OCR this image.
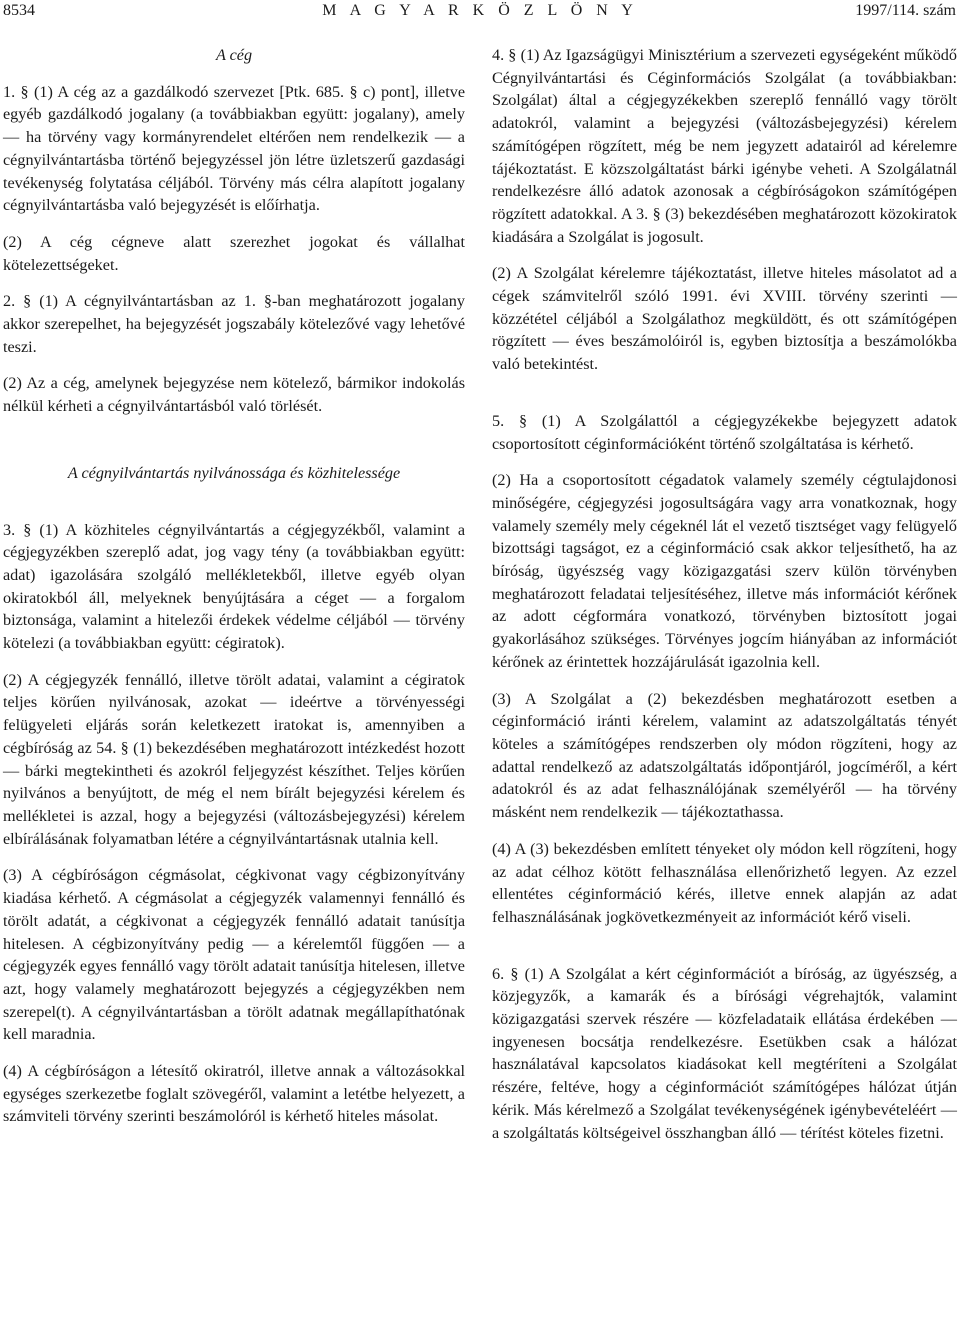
8534	M A G Y A R K Ö Z L Ö N Y	1997/114. szám

A cég

1. § (1) A cég az a gazdálkodó szervezet [Ptk. 685. § c) pont], illetve egyéb gazdálkodó jogalany (a továbbiakban együtt: jogalany), amely — ha törvény vagy kormányrendelet eltérően nem rendelkezik — a cégnyilvántartásba történő bejegyzéssel jön létre üzletszerű gazdasági tevékenység folytatása céljából. Törvény más célra alapított jogalany cégnyilvántartásba való bejegyzését is előírhatja.

(2) A cég cégneve alatt szerezhet jogokat és vállalhat kötelezettségeket.

2. § (1) A cégnyilvántartásban az 1. §-ban meghatározott jogalany akkor szerepelhet, ha bejegyzését jogszabály kötelezővé vagy lehetővé teszi.

(2) Az a cég, amelynek bejegyzése nem kötelező, bármikor indokolás nélkül kérheti a cégnyilvántartásból való törlését.

A cégnyilvántartás nyilvánossága és közhitelessége

3. § (1) A közhiteles cégnyilvántartás a cégjegyzékből, valamint a cégjegyzékben szereplő adat, jog vagy tény (a továbbiakban együtt: adat) igazolására szolgáló mellékletekből, illetve egyéb olyan okiratokból áll, melyeknek benyújtására a céget — a forgalom biztonsága, valamint a hitelezői érdekek védelme céljából — törvény kötelezi (a továbbiakban együtt: cégiratok).

(2) A cégjegyzék fennálló, illetve törölt adatai, valamint a cégiratok teljes körűen nyilvánosak, azokat — ideértve a törvényességi felügyeleti eljárás során keletkezett iratokat is, amennyiben a cégbíróság az 54. § (1) bekezdésében meghatározott intézkedést hozott — bárki megtekintheti és azokról feljegyzést készíthet. Teljes körűen nyilvános a benyújtott, de még el nem bírált bejegyzési kérelem és mellékletei is azzal, hogy a bejegyzési (változásbejegyzési) kérelem elbírálásának folyamatban létére a cégnyilvántartásnak utalnia kell.

(3) A cégbíróságon cégmásolat, cégkivonat vagy cégbizonyítvány kiadása kérhető. A cégmásolat a cégjegyzék valamennyi fennálló és törölt adatát, a cégkivonat a cégjegyzék fennálló adatait tanúsítja hitelesen. A cégbizonyítvány pedig — a kérelemtől függően — a cégjegyzék egyes fennálló vagy törölt adatait tanúsítja hitelesen, illetve azt, hogy valamely meghatározott bejegyzés a cégjegyzékben nem szerepel(t). A cégnyilvántartásban a törölt adatnak megállapíthatónak kell maradnia.

(4) A cégbíróságon a létesítő okiratról, illetve annak a változásokkal egységes szerkezetbe foglalt szövegéről, valamint a letétbe helyezett, a számviteli törvény szerinti beszámolóról is kérhető hiteles másolat.

4. § (1) Az Igazságügyi Minisztérium a szervezeti egységeként működő Cégnyilvántartási és Céginformációs Szolgálat (a továbbiakban: Szolgálat) által a cégjegyzékekben szereplő fennálló vagy törölt adatokról, valamint a bejegyzési (változásbejegyzési) kérelem számítógépen rögzített, még be nem jegyzett adatairól ad kérelemre tájékoztatást. E közszolgáltatást bárki igénybe veheti. A Szolgálatnál rendelkezésre álló adatok azonosak a cégbíróságokon számítógépen rögzített adatokkal. A 3. § (3) bekezdésében meghatározott közokiratok kiadására a Szolgálat is jogosult.

(2) A Szolgálat kérelemre tájékoztatást, illetve hiteles másolatot ad a cégek számvitelről szóló 1991. évi XVIII. törvény szerinti — közzététel céljából a Szolgálathoz megküldött, és ott számítógépen rögzített — éves beszámolóiról is, egyben biztosítja a beszámolókba való betekintést.

5. § (1) A Szolgálattól a cégjegyzékekbe bejegyzett adatok csoportosított céginformációként történő szolgáltatása is kérhető.

(2) Ha a csoportosított cégadatok valamely személy cégtulajdonosi minőségére, cégjegyzési jogosultságára vagy arra vonatkoznak, hogy valamely személy mely cégeknél lát el vezető tisztséget vagy felügyelő bizottsági tagságot, ez a céginformáció csak akkor teljesíthető, ha az bíróság, ügyészség vagy közigazgatási szerv külön törvényben meghatározott feladatai teljesítéséhez, illetve más információt kérőnek az adott cégformára vonatkozó, törvényben biztosított jogai gyakorlásához szükséges. Törvényes jogcím hiányában az információt kérőnek az érintettek hozzájárulását igazolnia kell.

(3) A Szolgálat a (2) bekezdésben meghatározott esetben a céginformáció iránti kérelem, valamint az adatszolgáltatás tényét köteles a számítógépes rendszerben oly módon rögzíteni, hogy az adattal rendelkező az adatszolgáltatás időpontjáról, jogcíméről, a kért adatokról és az adat felhasználójának személyéről — ha törvény másként nem rendelkezik — tájékoztathassa.

(4) A (3) bekezdésben említett tényeket oly módon kell rögzíteni, hogy az adat célhoz kötött felhasználása ellenőrizhető legyen. Az ezzel ellentétes céginformáció kérés, illetve ennek alapján az adat felhasználásának jogkövetkezményeit az információt kérő viseli.

6. § (1) A Szolgálat a kért céginformációt a bíróság, az ügyészség, a közjegyzők, a kamarák és a bírósági végrehajtók, valamint közigazgatási szervek részére — közfeladataik ellátása érdekében — ingyenesen bocsátja rendelkezésre. Esetükben csak a hálózat használatával kapcsolatos kiadásokat kell megtéríteni a Szolgálat részére, feltéve, hogy a céginformációt számítógépes hálózat útján kérik. Más kérelmező a Szolgálat tevékenységének igénybevételéért — a szolgáltatás költségeivel összhangban álló — térítést köteles fizetni.
